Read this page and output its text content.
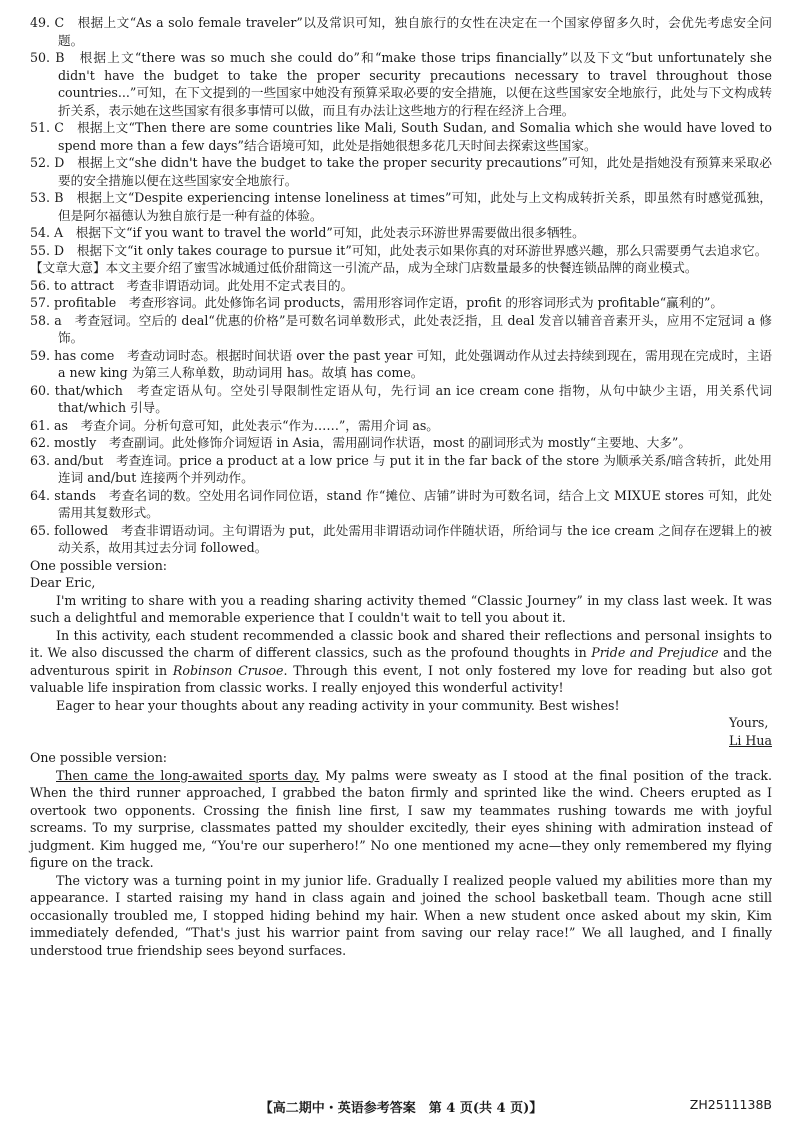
49. C　根据上文“As a solo female traveler”以及常识可知，独自旅行的女性在决定在一个国家停留多久时，会优先考虑安全问题。

50. B　根据上文“there was so much she could do”和“make those trips financially”以及下文“but unfortunately she didn't have the budget to take the proper security precautions necessary to travel throughout those countries...”可知，在下文提到的一些国家中她没有预算采取必要的安全措施，以便在这些国家安全地旅行，此处与下文构成转折关系，表示她在这些国家有很多事情可以做，而且有办法让这些地方的行程在经济上合理。

51. C　根据上文“Then there are some countries like Mali, South Sudan, and Somalia which she would have loved to spend more than a few days”结合语境可知，此处是指她很想多花几天时间去探索这些国家。

52. D　根据上文“she didn't have the budget to take the proper security precautions”可知，此处是指她没有预算来采取必要的安全措施以便在这些国家安全地旅行。

53. B　根据上文“Despite experiencing intense loneliness at times”可知，此处与上文构成转折关系，即虽然有时感觉孤独，但是阿尔福德认为独自旅行是一种有益的体验。

54. A　根据下文“if you want to travel the world”可知，此处表示环游世界需要做出很多牺牲。

55. D　根据下文“it only takes courage to pursue it”可知，此处表示如果你真的对环游世界感兴趣，那么只需要勇气去追求它。

【文章大意】本文主要介绍了蜜雪冰城通过低价甜筒这一引流产品，成为全球门店数量最多的快餐连锁品牌的商业模式。

56. to attract　考查非谓语动词。此处用不定式表目的。

57. profitable　考查形容词。此处修饰名词 products，需用形容词作定语，profit 的形容词形式为 profitable“赢利的”。

58. a　考查冠词。空后的 deal“优惠的价格”是可数名词单数形式，此处表泛指，且 deal 发音以辅音音素开头，应用不定冠词 a 修饰。

59. has come　考查动词时态。根据时间状语 over the past year 可知，此处强调动作从过去持续到现在，需用现在完成时，主语 a new king 为第三人称单数，助动词用 has。故填 has come。

60. that/which　考查定语从句。空处引导限制性定语从句，先行词 an ice cream cone 指物，从句中缺少主语，用关系代词 that/which 引导。

61. as　考查介词。分析句意可知，此处表示“作为……”，需用介词 as。

62. mostly　考查副词。此处修饰介词短语 in Asia，需用副词作状语，most 的副词形式为 mostly“主要地、大多”。

63. and/but　考查连词。price a product at a low price 与 put it in the far back of the store 为顺承关系/暗含转折，此处用连词 and/but 连接两个并列动作。

64. stands　考查名词的数。空处用名词作同位语，stand 作“摊位、店铺”讲时为可数名词，结合上文 MIXUE stores 可知，此处需用其复数形式。

65. followed　考查非谓语动词。主句谓语为 put，此处需用非谓语动词作伴随状语，所给词与 the ice cream 之间存在逻辑上的被动关系，故用其过去分词 followed。

One possible version:

Dear Eric,

I'm writing to share with you a reading sharing activity themed “Classic Journey” in my class last week. It was such a delightful and memorable experience that I couldn't wait to tell you about it.

In this activity, each student recommended a classic book and shared their reflections and personal insights to it. We also discussed the charm of different classics, such as the profound thoughts in Pride and Prejudice and the adventurous spirit in Robinson Crusoe. Through this event, I not only fostered my love for reading but also got valuable life inspiration from classic works. I really enjoyed this wonderful activity!

Eager to hear your thoughts about any reading activity in your community. Best wishes!

Yours,
Li Hua

One possible version:

Then came the long-awaited sports day. My palms were sweaty as I stood at the final position of the track. When the third runner approached, I grabbed the baton firmly and sprinted like the wind. Cheers erupted as I overtook two opponents. Crossing the finish line first, I saw my teammates rushing towards me with joyful screams. To my surprise, classmates patted my shoulder excitedly, their eyes shining with admiration instead of judgment. Kim hugged me, “You're our superhero!” No one mentioned my acne—they only remembered my flying figure on the track.

The victory was a turning point in my junior life. Gradually I realized people valued my abilities more than my appearance. I started raising my hand in class again and joined the school basketball team. Though acne still occasionally troubled me, I stopped hiding behind my hair. When a new student once asked about my skin, Kim immediately defended, “That's just his warrior paint from saving our relay race!” We all laughed, and I finally understood true friendship sees beyond surfaces.

【高二期中・英语参考答案　第 4 页(共 4 页)】	ZH2511138B
